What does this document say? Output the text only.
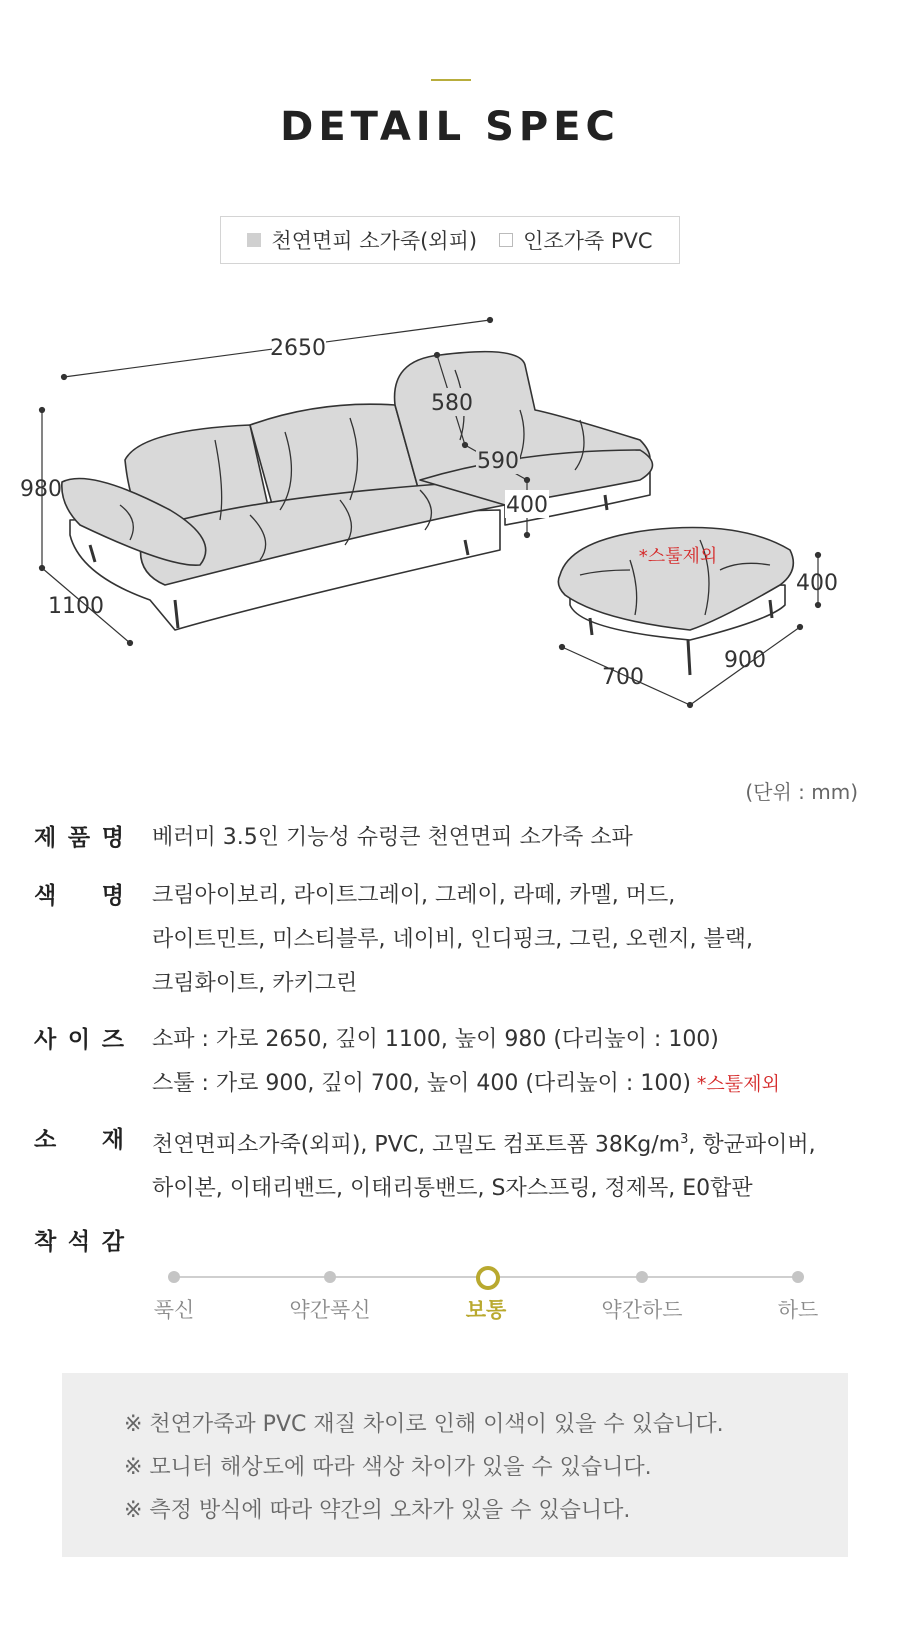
DETAIL SPEC
천연면피 소가죽(외피) 인조가죽 PVC
2650
980
1100
580
590
400
*스툴제외
400
900
700
(단위 : mm)
제 품 명 베러미 3.5인 기능성 슈렁큰 천연면피 소가죽 소파
색 명 크림아이보리, 라이트그레이, 그레이, 라떼, 카멜, 머드,
라이트민트, 미스티블루, 네이비, 인디핑크, 그린, 오렌지, 블랙,
크림화이트, 카키그린
사 이 즈 소파 : 가로 2650, 깊이 1100, 높이 980 (다리높이 : 100)
스툴 : 가로 900, 깊이 700, 높이 400 (다리높이 : 100) *스툴제외
소 재 천연면피소가죽(외피), PVC, 고밀도 컴포트폼 $38Kg/m^3$, 항균파이버,
하이본, 이태리밴드, 이태리통밴드, S자스프링, 정제목, E0합판
착 석 감
푹신	약간푹신	보통	약간하드	하드
※ 천연가죽과 PVC 재질 차이로 인해 이색이 있을 수 있습니다.
※ 모니터 해상도에 따라 색상 차이가 있을 수 있습니다.
※ 측정 방식에 따라 약간의 오차가 있을 수 있습니다.
